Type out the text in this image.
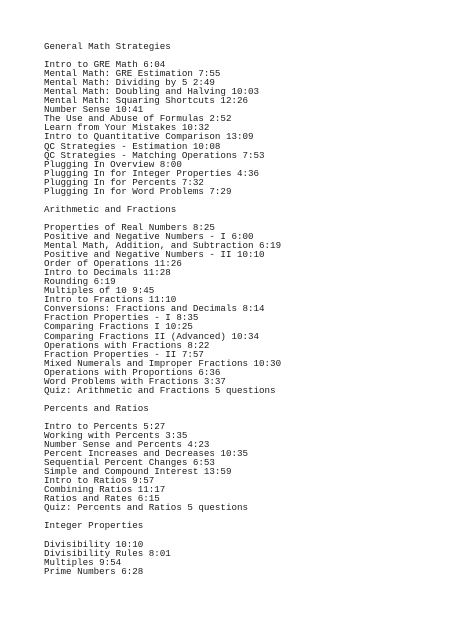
General Math Strategies
Intro to GRE Math 6:04
Mental Math: GRE Estimation 7:55
Mental Math: Dividing by 5 2:49
Mental Math: Doubling and Halving 10:03
Mental Math: Squaring Shortcuts 12:26
Number Sense 10:41
The Use and Abuse of Formulas 2:52
Learn from Your Mistakes 10:32
Intro to Quantitative Comparison 13:09
QC Strategies - Estimation 10:08
QC Strategies - Matching Operations 7:53
Plugging In Overview 8:00
Plugging In for Integer Properties 4:36
Plugging In for Percents 7:32
Plugging In for Word Problems 7:29
Arithmetic and Fractions
Properties of Real Numbers 8:25
Positive and Negative Numbers - I 6:00
Mental Math, Addition, and Subtraction 6:19
Positive and Negative Numbers - II 10:10
Order of Operations 11:26
Intro to Decimals 11:28
Rounding 6:19
Multiples of 10 9:45
Intro to Fractions 11:10
Conversions: Fractions and Decimals 8:14
Fraction Properties - I 8:35
Comparing Fractions I 10:25
Comparing Fractions II (Advanced) 10:34
Operations with Fractions 8:22
Fraction Properties - II 7:57
Mixed Numerals and Improper Fractions 10:30
Operations with Proportions 6:36
Word Problems with Fractions 3:37
Quiz: Arithmetic and Fractions 5 questions
Percents and Ratios
Intro to Percents 5:27
Working with Percents 3:35
Number Sense and Percents 4:23
Percent Increases and Decreases 10:35
Sequential Percent Changes 6:53
Simple and Compound Interest 13:59
Intro to Ratios 9:57
Combining Ratios 11:17
Ratios and Rates 6:15
Quiz: Percents and Ratios 5 questions
Integer Properties
Divisibility 10:10
Divisibility Rules 8:01
Multiples 9:54
Prime Numbers 6:28
